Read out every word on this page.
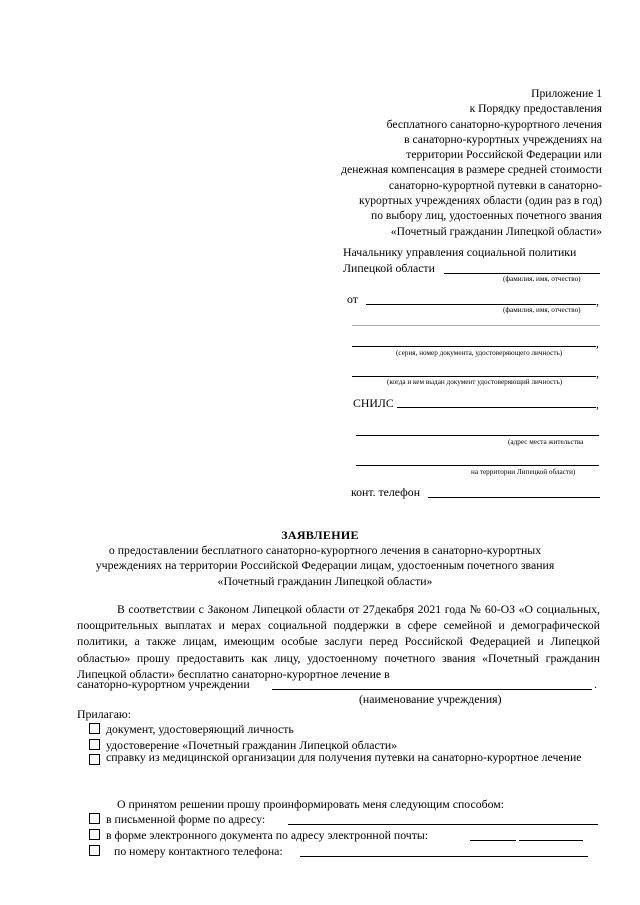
Приложение 1
к Порядку предоставления
бесплатного санаторно-курортного лечения
в санаторно-курортных учреждениях на
территории Российской Федерации или
денежная компенсация в размере средней стоимости
санаторно-курортной путевки в санаторно-
курортных учреждениях области (один раз в год)
по выбору лиц, удостоенных почетного звания
«Почетный гражданин Липецкой области»
Начальнику управления социальной политики
Липецкой области
(фамилия, имя, отчество)
от	,
(фамилия, имя, отчество)
,
(серия, номер документа, удостоверяющего личность)
,
(когда и кем выдан документ удостоверяющий личность)
СНИЛС	,
(адрес места жительства
на территории Липецкой области)
конт. телефон
ЗАЯВЛЕНИЕ
о предоставлении бесплатного санаторно-курортного лечения в санаторно-курортных
учреждениях на территории Российской Федерации лицам, удостоенным почетного звания
«Почетный гражданин Липецкой области»

В соответствии с Законом Липецкой области от 27декабря 2021 года № 60-ОЗ «О социальных, поощрительных выплатах и мерах социальной поддержки в сфере семейной и демографической политики, а также лицам, имеющим особые заслуги перед Российской Федерацией и Липецкой областью» прошу предоставить как лицу, удостоенному почетного звания «Почетный гражданин Липецкой области» бесплатно санаторно-курортное лечение в

санаторно-курортном учреждении	.
(наименование учреждения)
Прилагаю:
документ, удостоверяющий личность
удостоверение «Почетный гражданин Липецкой области»
справку из медицинской организации для получения путевки на санаторно-курортное лечение
О принятом решении прошу проинформировать меня следующим способом:
в письменной форме по адресу:
в форме электронного документа по адресу электронной почты:
по номеру контактного телефона:
